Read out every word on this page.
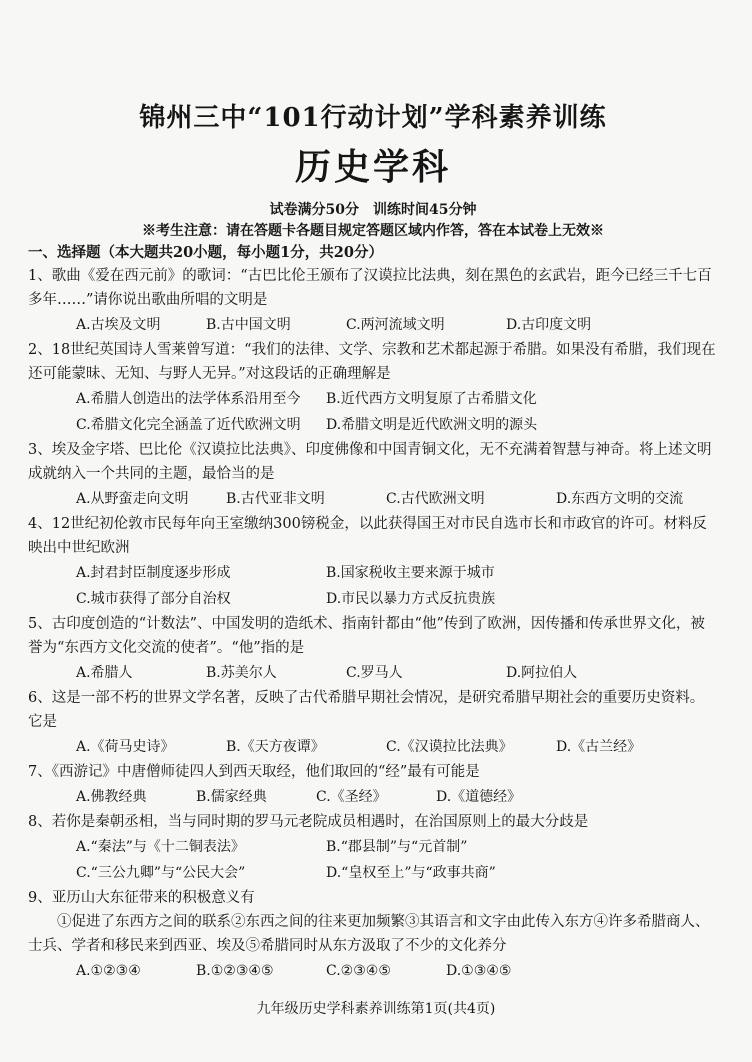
锦州三中“101行动计划”学科素养训练
历史学科
试卷满分50分　训练时间45分钟
※考生注意：请在答题卡各题目规定答题区域内作答，答在本试卷上无效※
一、选择题（本大题共20小题，每小题1分，共20分）

1、歌曲《爱在西元前》的歌词：“古巴比伦王颁布了汉谟拉比法典，刻在黑色的玄武岩，距今已经三千七百多年……”请你说出歌曲所唱的文明是

A.古埃及文明	B.古中国文明	C.两河流域文明	D.古印度文明

2、18世纪英国诗人雪莱曾写道：“我们的法律、文学、宗教和艺术都起源于希腊。如果没有希腊，我们现在还可能蒙昧、无知、与野人无异。”对这段话的正确理解是

A.希腊人创造出的法学体系沿用至今	B.近代西方文明复原了古希腊文化
C.希腊文化完全涵盖了近代欧洲文明	D.希腊文明是近代欧洲文明的源头

3、埃及金字塔、巴比伦《汉谟拉比法典》、印度佛像和中国青铜文化，无不充满着智慧与神奇。将上述文明成就纳入一个共同的主题，最恰当的是

A.从野蛮走向文明	B.古代亚非文明	C.古代欧洲文明	D.东西方文明的交流

4、12世纪初伦敦市民每年向王室缴纳300镑税金，以此获得国王对市民自选市长和市政官的许可。材料反映出中世纪欧洲

A.封君封臣制度逐步形成	B.国家税收主要来源于城市
C.城市获得了部分自治权	D.市民以暴力方式反抗贵族

5、古印度创造的“计数法”、中国发明的造纸术、指南针都由“他”传到了欧洲，因传播和传承世界文化，被誉为“东西方文化交流的使者”。“他”指的是

A.希腊人	B.苏美尔人	C.罗马人	D.阿拉伯人

6、这是一部不朽的世界文学名著，反映了古代希腊早期社会情况，是研究希腊早期社会的重要历史资料。它是

A.《荷马史诗》	B.《天方夜谭》	C.《汉谟拉比法典》	D.《古兰经》

7、《西游记》中唐僧师徒四人到西天取经，他们取回的“经”最有可能是

A.佛教经典	B.儒家经典	C.《圣经》	D.《道德经》

8、若你是秦朝丞相，当与同时期的罗马元老院成员相遇时，在治国原则上的最大分歧是

A.“秦法”与《十二铜表法》	B.“郡县制”与“元首制”
C.“三公九卿”与“公民大会”	D.“皇权至上”与“政事共商”

9、亚历山大东征带来的积极意义有

①促进了东西方之间的联系②东西之间的往来更加频繁③其语言和文字由此传入东方④许多希腊商人、士兵、学者和移民来到西亚、埃及⑤希腊同时从东方汲取了不少的文化养分

A.①②③④	B.①②③④⑤	C.②③④⑤	D.①③④⑤
九年级历史学科素养训练第1页(共4页)
